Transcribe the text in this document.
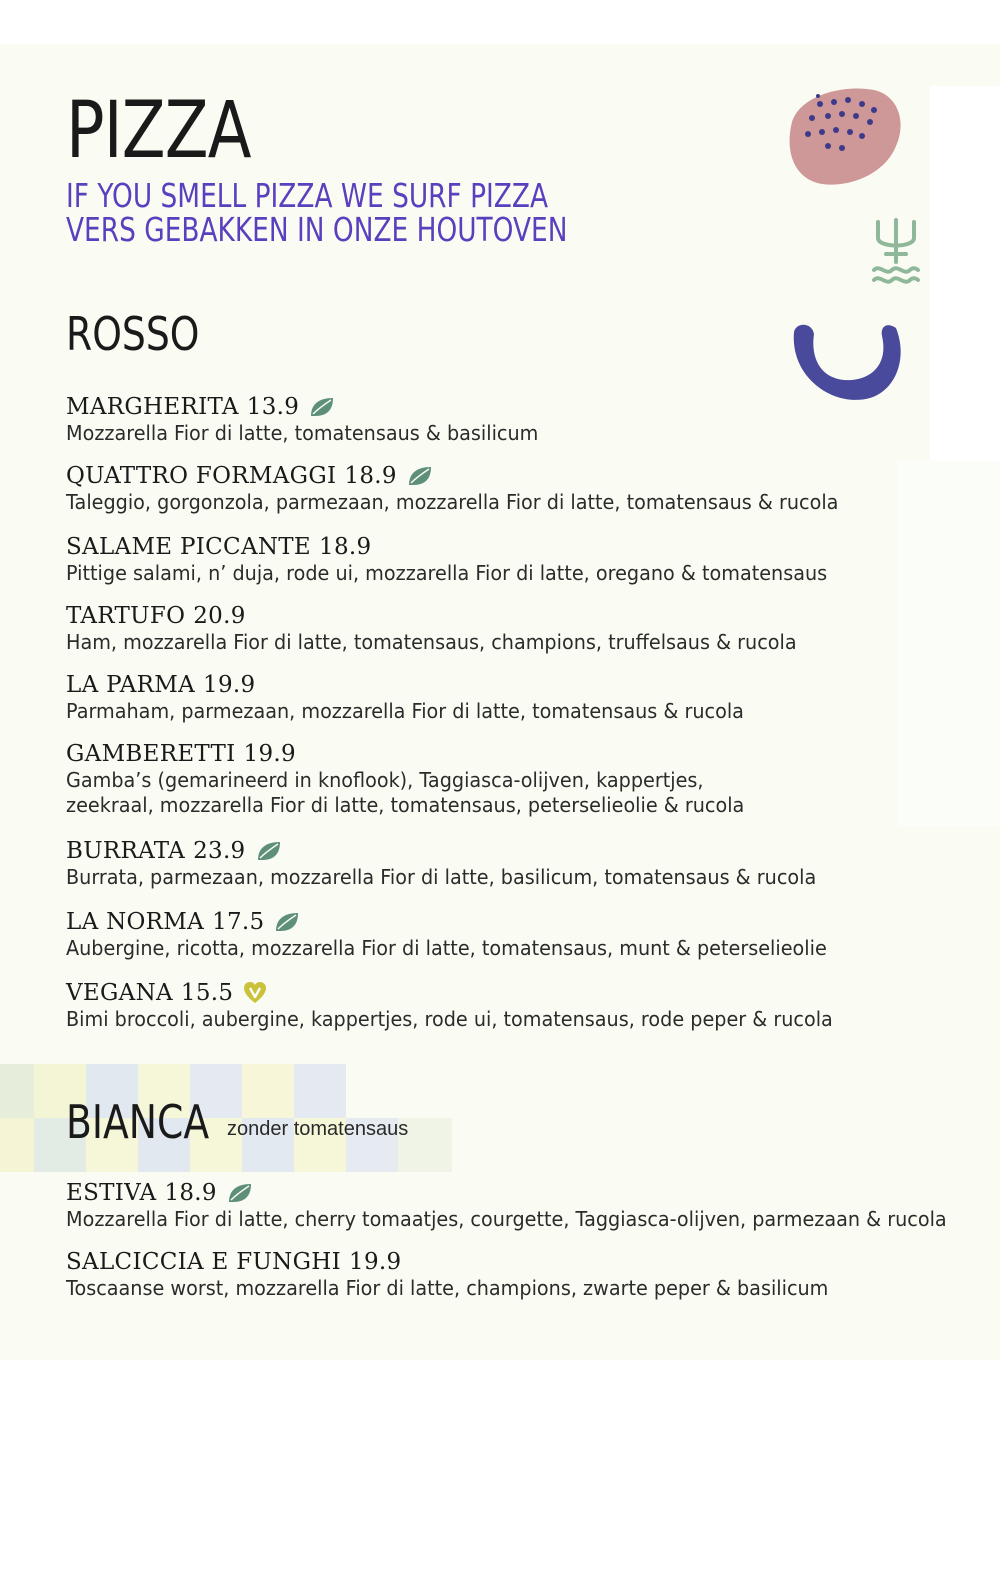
PIZZA
IF YOU SMELL PIZZA WE SURF PIZZA
VERS GEBAKKEN IN ONZE HOUTOVEN
ROSSO
MARGHERITA 13.9
Mozzarella Fior di latte, tomatensaus & basilicum
QUATTRO FORMAGGI 18.9
Taleggio, gorgonzola, parmezaan, mozzarella Fior di latte, tomatensaus & rucola
SALAME PICCANTE 18.9
Pittige salami, n’ duja, rode ui, mozzarella Fior di latte, oregano & tomatensaus
TARTUFO 20.9
Ham, mozzarella Fior di latte, tomatensaus, champions, truffelsaus & rucola
LA PARMA 19.9
Parmaham, parmezaan, mozzarella Fior di latte, tomatensaus & rucola
GAMBERETTI 19.9
Gamba’s (gemarineerd in knoflook), Taggiasca-olijven, kappertjes,
zeekraal, mozzarella Fior di latte, tomatensaus, peterselieolie & rucola
BURRATA 23.9
Burrata, parmezaan, mozzarella Fior di latte, basilicum, tomatensaus & rucola
LA NORMA 17.5
Aubergine, ricotta, mozzarella Fior di latte, tomatensaus, munt & peterselieolie
VEGANA 15.5
Bimi broccoli, aubergine, kappertjes, rode ui, tomatensaus, rode peper & rucola
BIANCA zonder tomatensaus
ESTIVA 18.9
Mozzarella Fior di latte, cherry tomaatjes, courgette, Taggiasca-olijven, parmezaan & rucola
SALCICCIA E FUNGHI 19.9
Toscaanse worst, mozzarella Fior di latte, champions, zwarte peper & basilicum
